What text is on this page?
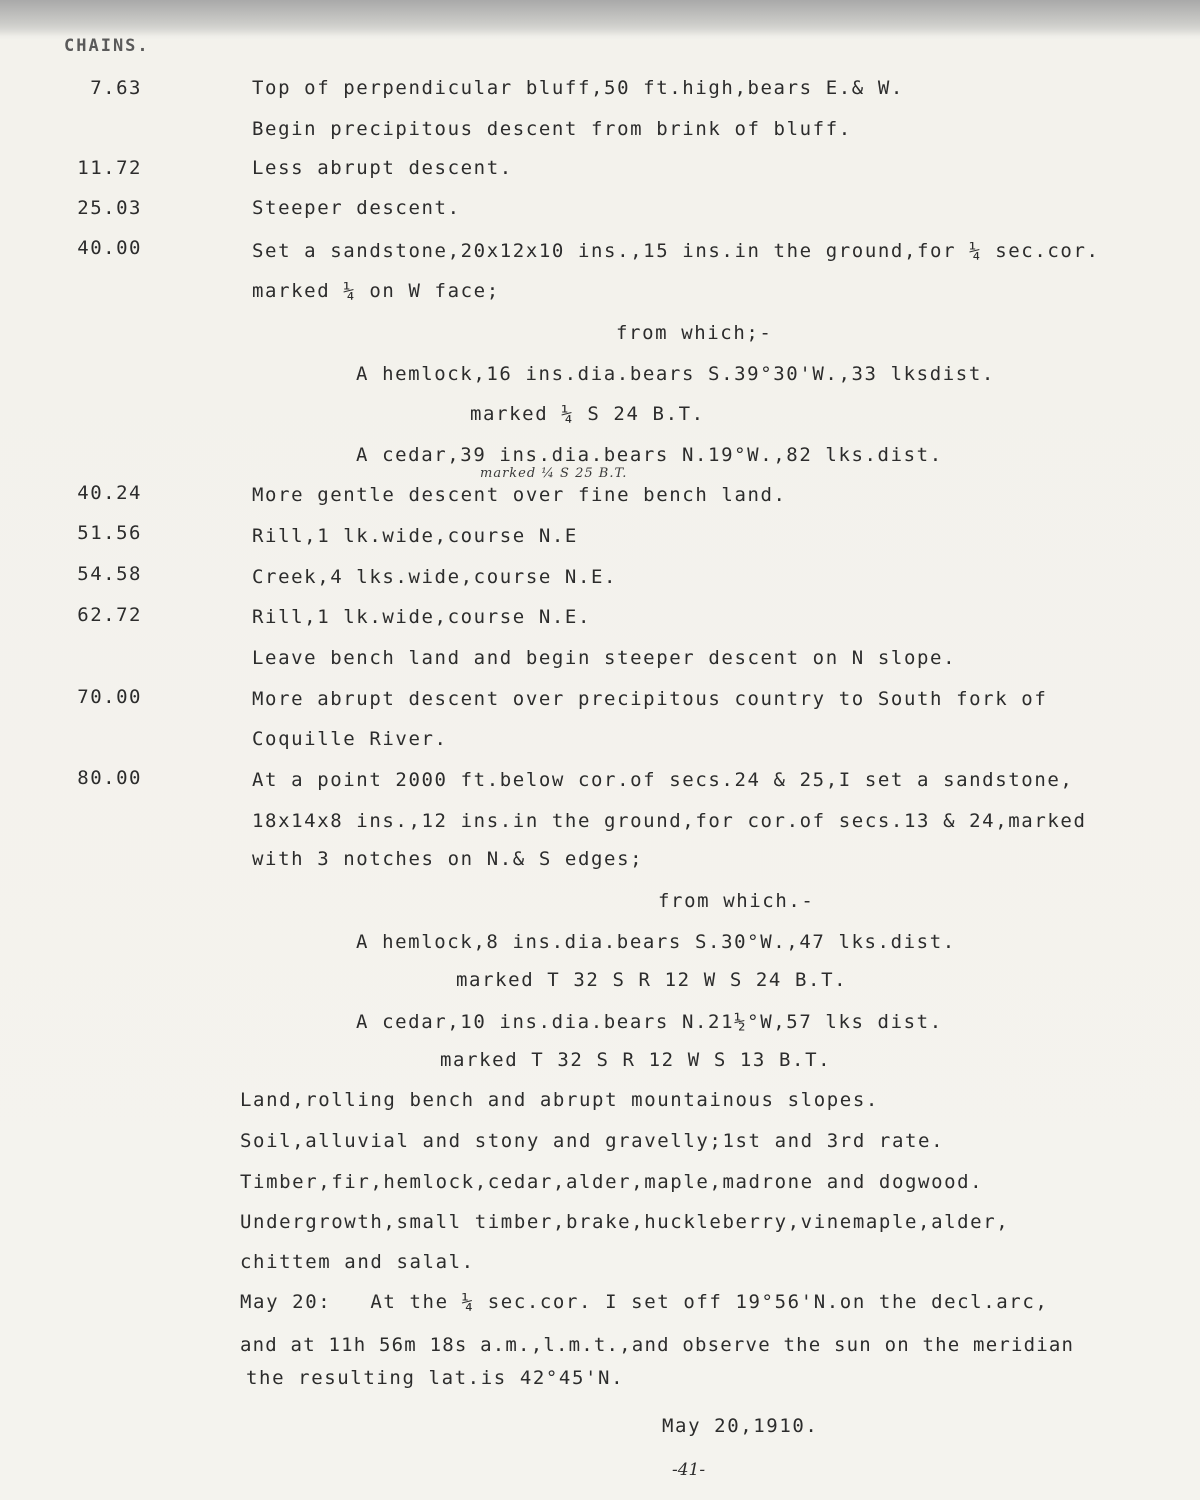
CHAINS.
7.63	Top of perpendicular bluff,50 ft.high,bears E.& W.
Begin precipitous descent from brink of bluff.
11.72	Less abrupt descent.
25.03	Steeper descent.
40.00	Set a sandstone,20x12x10 ins.,15 ins.in the ground,for ¼ sec.cor.
marked ¼ on W face;
from which;-
A hemlock,16 ins.dia.bears S.39°30'W.,33 lksdist.
marked ¼ S 24 B.T.
A cedar,39 ins.dia.bears N.19°W.,82 lks.dist.
marked ¼ S 25 B.T.
40.24	More gentle descent over fine bench land.
51.56	Rill,1 lk.wide,course N.E
54.58	Creek,4 lks.wide,course N.E.
62.72	Rill,1 lk.wide,course N.E.
Leave bench land and begin steeper descent on N slope.
70.00	More abrupt descent over precipitous country to South fork of
Coquille River.
80.00	At a point 2000 ft.below cor.of secs.24 & 25,I set a sandstone,
18x14x8 ins.,12 ins.in the ground,for cor.of secs.13 & 24,marked
with 3 notches on N.& S edges;
from which.-
A hemlock,8 ins.dia.bears S.30°W.,47 lks.dist.
marked T 32 S R 12 W S 24 B.T.
A cedar,10 ins.dia.bears N.21½°W,57 lks dist.
marked T 32 S R 12 W S 13 B.T.
Land,rolling bench and abrupt mountainous slopes.
Soil,alluvial and stony and gravelly;1st and 3rd rate.
Timber,fir,hemlock,cedar,alder,maple,madrone and dogwood.
Undergrowth,small timber,brake,huckleberry,vinemaple,alder,
chittem and salal.
May 20:   At the ¼ sec.cor. I set off 19°56'N.on the decl.arc,
and at 11h 56m 18s a.m.,l.m.t.,and observe the sun on the meridian
the resulting lat.is 42°45'N.
May 20,1910.
-41-
